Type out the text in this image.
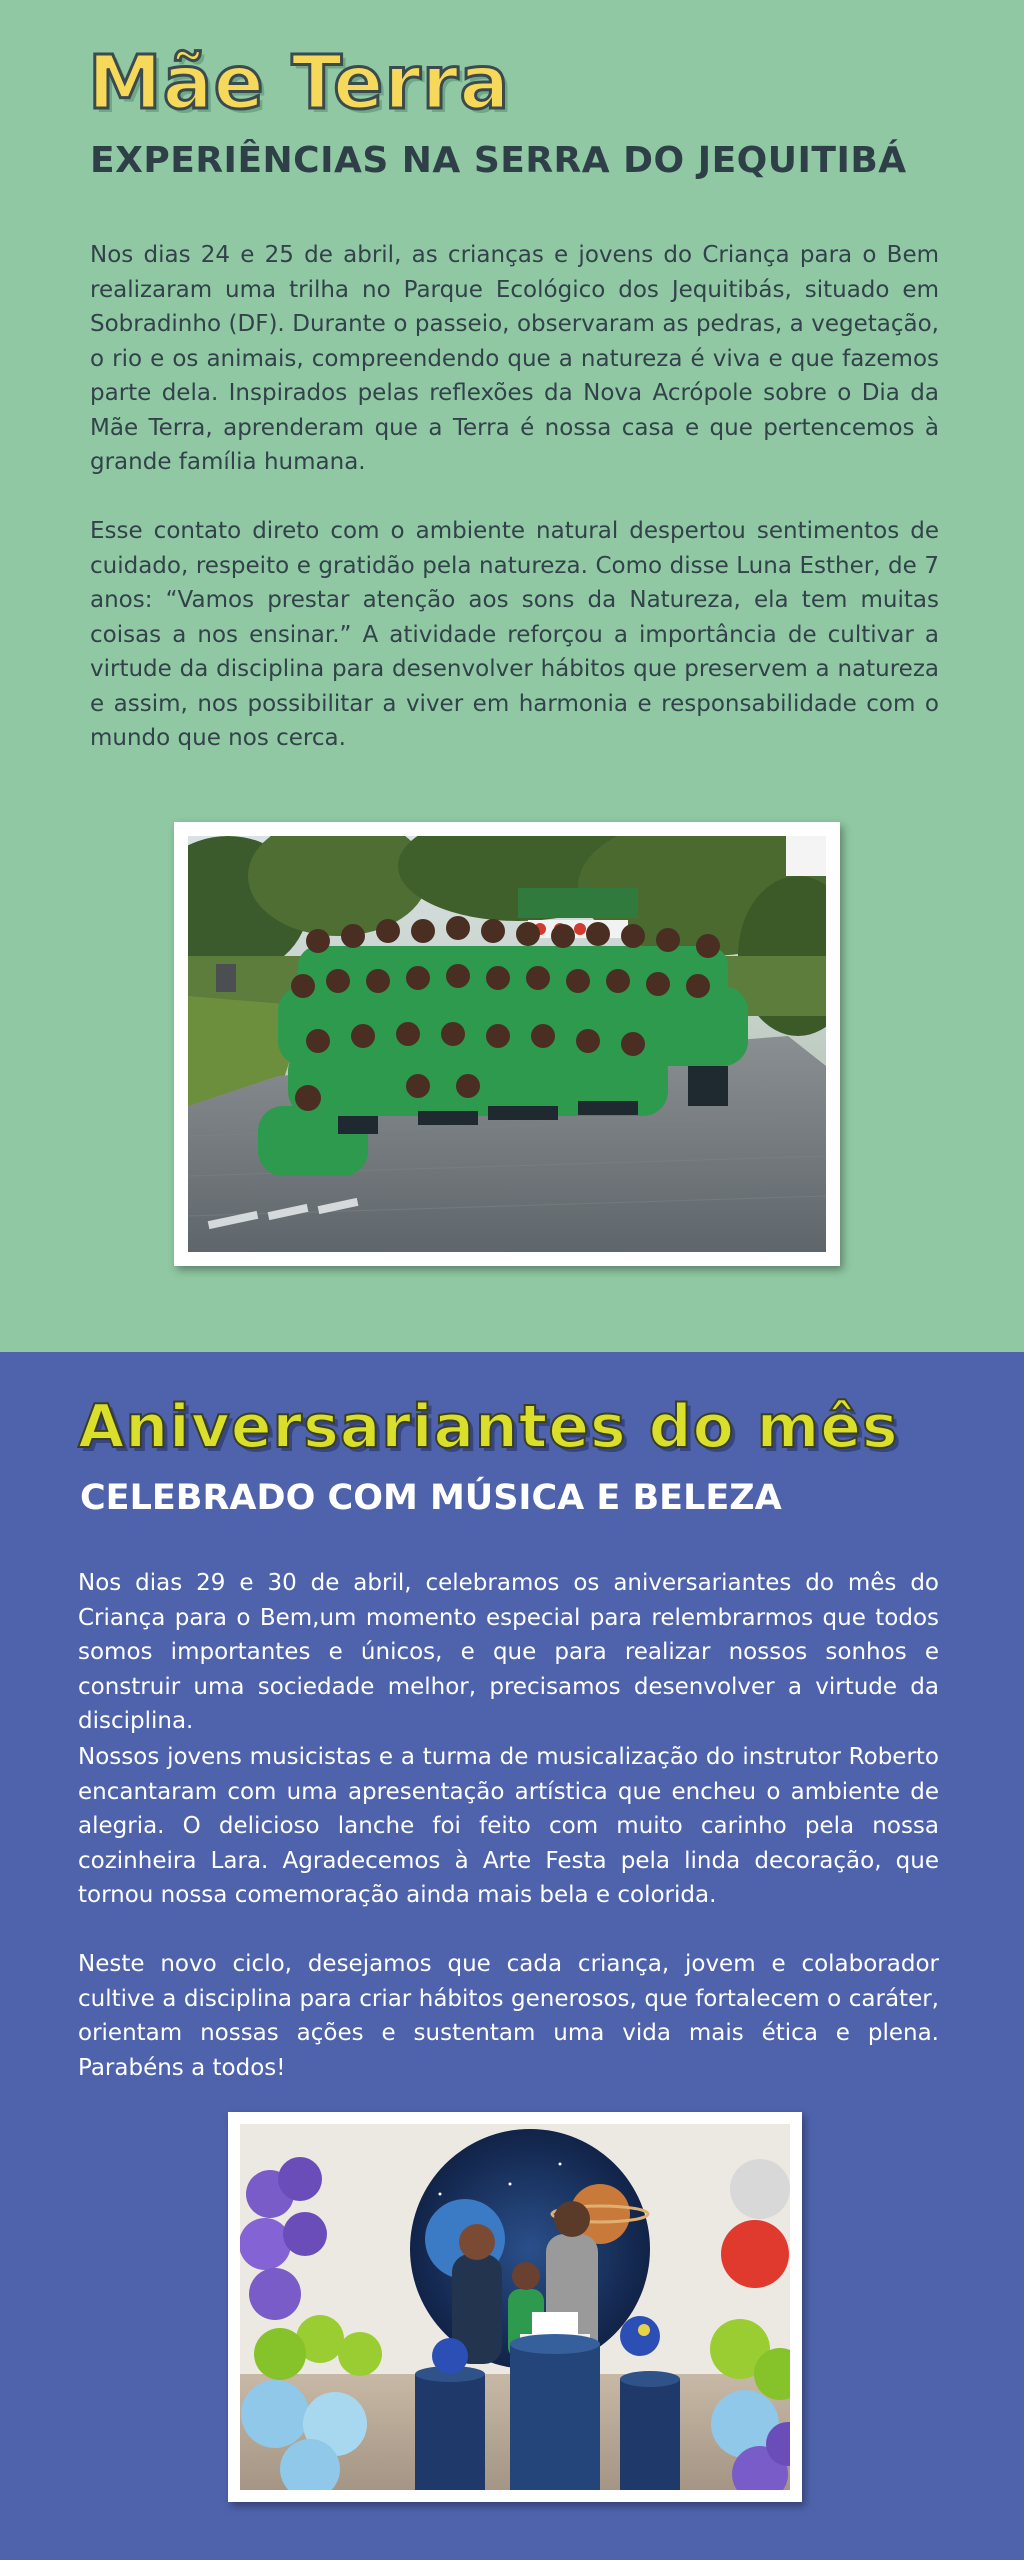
Mãe Terra
EXPERIÊNCIAS NA SERRA DO JEQUITIBÁ

Nos dias 24 e 25 de abril, as crianças e jovens do Criança para o Bem realizaram uma trilha no Parque Ecológico dos Jequitibás, situado em Sobradinho (DF). Durante o passeio, observaram as pedras, a vegetação, o rio e os animais, compreendendo que a natureza é viva e que fazemos parte dela. Inspirados pelas reflexões da Nova Acrópole sobre o Dia da Mãe Terra, aprenderam que a Terra é nossa casa e que pertencemos à grande família humana.

Esse contato direto com o ambiente natural despertou sentimentos de cuidado, respeito e gratidão pela natureza. Como disse Luna Esther, de 7 anos: “Vamos prestar atenção aos sons da Natureza, ela tem muitas coisas a nos ensinar.” A atividade reforçou a importância de cultivar a virtude da disciplina para desenvolver hábitos que preservem a natureza e assim, nos possibilitar a viver em harmonia e responsabilidade com o mundo que nos cerca.

Aniversariantes do mês
CELEBRADO COM MÚSICA E BELEZA

Nos dias 29 e 30 de abril, celebramos os aniversariantes do mês do Criança para o Bem,um momento especial para relembrarmos que todos somos importantes e únicos, e que para realizar nossos sonhos e construir uma sociedade melhor, precisamos desenvolver a virtude da disciplina.

Nossos jovens musicistas e a turma de musicalização do instrutor Roberto encantaram com uma apresentação artística que encheu o ambiente de alegria. O delicioso lanche foi feito com muito carinho pela nossa cozinheira Lara. Agradecemos à Arte Festa pela linda decoração, que tornou nossa comemoração ainda mais bela e colorida.

Neste novo ciclo, desejamos que cada criança, jovem e colaborador cultive a disciplina para criar hábitos generosos, que fortalecem o caráter, orientam nossas ações e sustentam uma vida mais ética e plena. Parabéns a todos!
